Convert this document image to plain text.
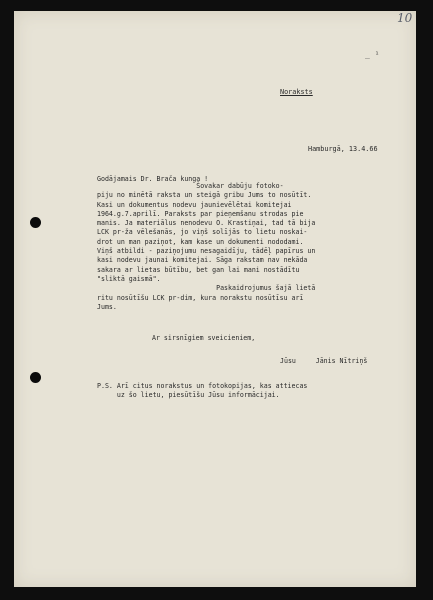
10
_ ¹

Noraksts

Hamburgā, 13.4.66

Godājamais Dr. Brača kunga !

Šovakar dabūju fotoko-
piju no minētā raksta un steigā gribu Jums to nosūtīt.
Kasi un dokumentus nodevu jaunievēlētai komitejai
1964.g.7.aprilī. Paraksts par pieņemšanu strodas pie
manis. Ja materiālus nenodevu O. Krastiņai, tad tā bija
LCK pr-ža vēlešanās, jo viņš solījās to lietu noskai-
drot un man paziņot, kam kase un dokumenti nododami.
Viņš atbildi - paziņojumu nesagaidīju, tādēļ papīrus un
kasi nodevu jaunai komitejai. Sāga rakstam nav nekāda
sakara ar lietas būtību, bet gan lai mani nostādītu
"sliktā gaismā".
Paskaidrojumus šajā lietā
ritu nosūtīšu LCK pr-dim, kura norakstu nosūtīsu arī
Jums.

Ar sirsnīgiem sveicieniem,

Jūsu     Jānis Nītriņš

P.S. Arī citus norakstus un fotokopijas, kas attiecas
uz šo lietu, piesūtīšu Jūsu informācijai.
